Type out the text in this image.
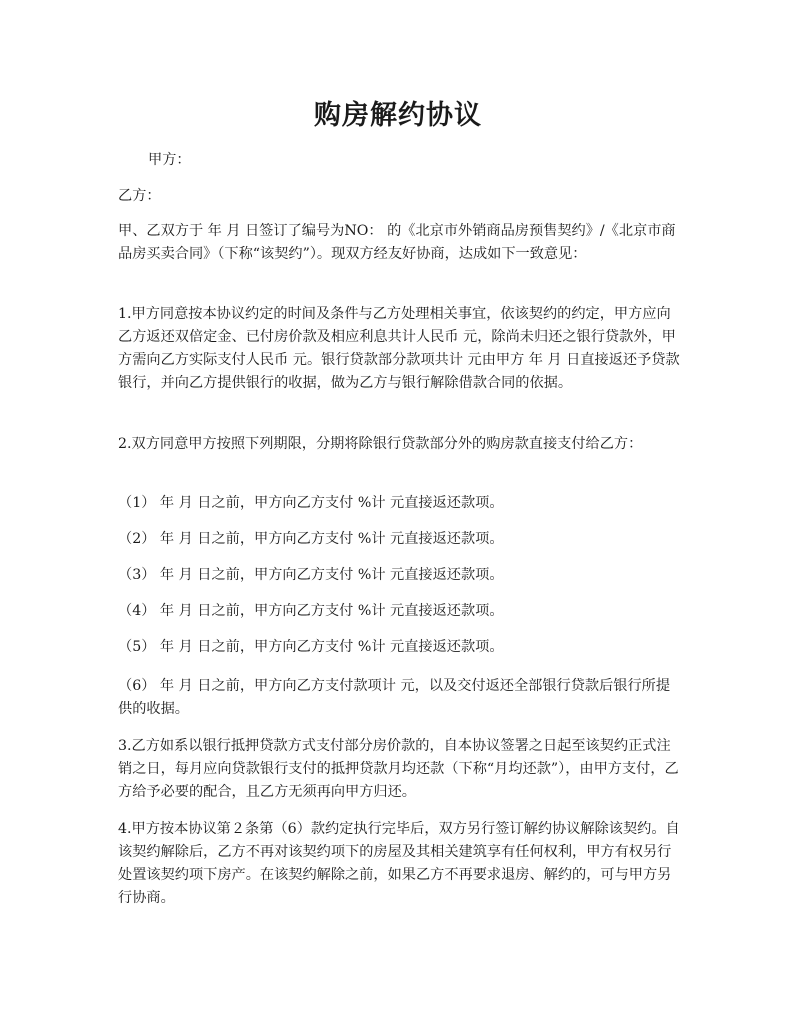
购房解约协议
甲方：
乙方：
甲、乙双方于 年 月 日签订了编号为NO： 的《北京市外销商品房预售契约》/《北京市商品房买卖合同》（下称“该契约”）。现双方经友好协商，达成如下一致意见：
1.甲方同意按本协议约定的时间及条件与乙方处理相关事宜，依该契约的约定，甲方应向乙方返还双倍定金、已付房价款及相应利息共计人民币 元，除尚未归还之银行贷款外，甲方需向乙方实际支付人民币 元。银行贷款部分款项共计 元由甲方 年 月 日直接返还予贷款银行，并向乙方提供银行的收据，做为乙方与银行解除借款合同的依据。
2.双方同意甲方按照下列期限，分期将除银行贷款部分外的购房款直接支付给乙方：
（1） 年 月 日之前，甲方向乙方支付 %计 元直接返还款项。
（2） 年 月 日之前，甲方向乙方支付 %计 元直接返还款项。
（3） 年 月 日之前，甲方向乙方支付 %计 元直接返还款项。
（4） 年 月 日之前，甲方向乙方支付 %计 元直接返还款项。
（5） 年 月 日之前，甲方向乙方支付 %计 元直接返还款项。
（6） 年 月 日之前，甲方向乙方支付款项计 元，以及交付返还全部银行贷款后银行所提供的收据。
3.乙方如系以银行抵押贷款方式支付部分房价款的，自本协议签署之日起至该契约正式注销之日，每月应向贷款银行支付的抵押贷款月均还款（下称“月均还款”），由甲方支付，乙方给予必要的配合，且乙方无须再向甲方归还。
4.甲方按本协议第２条第（6）款约定执行完毕后，双方另行签订解约协议解除该契约。自该契约解除后，乙方不再对该契约项下的房屋及其相关建筑享有任何权利，甲方有权另行处置该契约项下房产。在该契约解除之前，如果乙方不再要求退房、解约的，可与甲方另行协商。
